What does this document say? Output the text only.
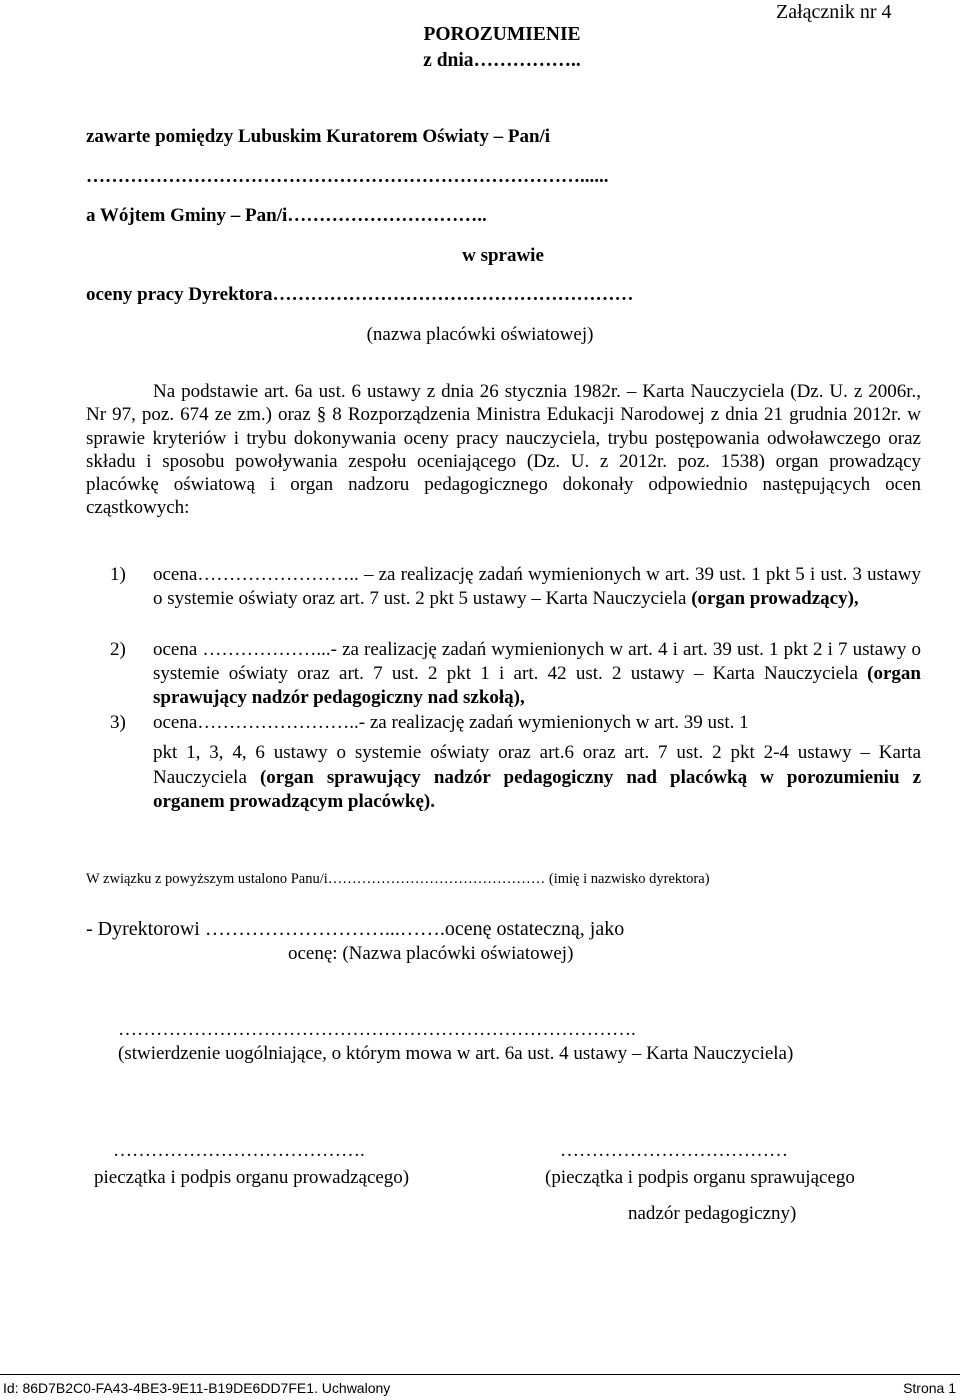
Załącznik nr 4
POROZUMIENIE
z dnia……………..
zawarte pomiędzy Lubuskim Kuratorem Oświaty – Pan/i
……………………………………………………………………......
a Wójtem Gminy – Pan/i…………………………..
w sprawie
oceny pracy Dyrektora…………………………………………………
(nazwa placówki oświatowej)
Na podstawie art. 6a ust. 6 ustawy z dnia 26 stycznia 1982r. – Karta Nauczyciela (Dz. U. z 2006r., Nr 97, poz. 674 ze zm.) oraz § 8 Rozporządzenia Ministra Edukacji Narodowej z dnia 21 grudnia 2012r. w sprawie kryteriów i trybu dokonywania oceny pracy nauczyciela, trybu postępowania odwoławczego oraz składu i sposobu powoływania zespołu oceniającego (Dz. U. z 2012r. poz. 1538) organ prowadzący placówkę oświatową i organ nadzoru pedagogicznego dokonały odpowiednio następujących ocen cząstkowych:
1) ocena…………………….. – za realizację zadań wymienionych w art. 39 ust. 1 pkt 5 i ust. 3 ustawy o systemie oświaty oraz art. 7 ust. 2 pkt 5 ustawy – Karta Nauczyciela (organ prowadzący),
2) ocena ………………...- za realizację zadań wymienionych w art. 4 i art. 39 ust. 1 pkt 2 i 7 ustawy o systemie oświaty oraz art. 7 ust. 2 pkt 1 i art. 42 ust. 2 ustawy – Karta Nauczyciela (organ sprawujący nadzór pedagogiczny nad szkołą),
3) ocena……………………..- za realizację zadań wymienionych w art. 39 ust. 1
pkt 1, 3, 4, 6 ustawy o systemie oświaty oraz art.6 oraz art. 7 ust. 2 pkt 2-4 ustawy – Karta Nauczyciela (organ sprawujący nadzór pedagogiczny nad placówką w porozumieniu z organem prowadzącym placówkę).
W związku z powyższym ustalono Panu/i……………………………………… (imię i nazwisko dyrektora)
- Dyrektorowi ………………………...…….ocenę ostateczną, jako
ocenę: (Nazwa placówki oświatowej)
……………………………………………………………………….
(stwierdzenie uogólniające, o którym mowa w art. 6a ust. 4 ustawy – Karta Nauczyciela)
………………………………….
pieczątka i podpis organu prowadzącego)
………………………………
(pieczątka i podpis organu sprawującego
nadzór pedagogiczny)
Id: 86D7B2C0-FA43-4BE3-9E11-B19DE6DD7FE1. Uchwalony	Strona 1
